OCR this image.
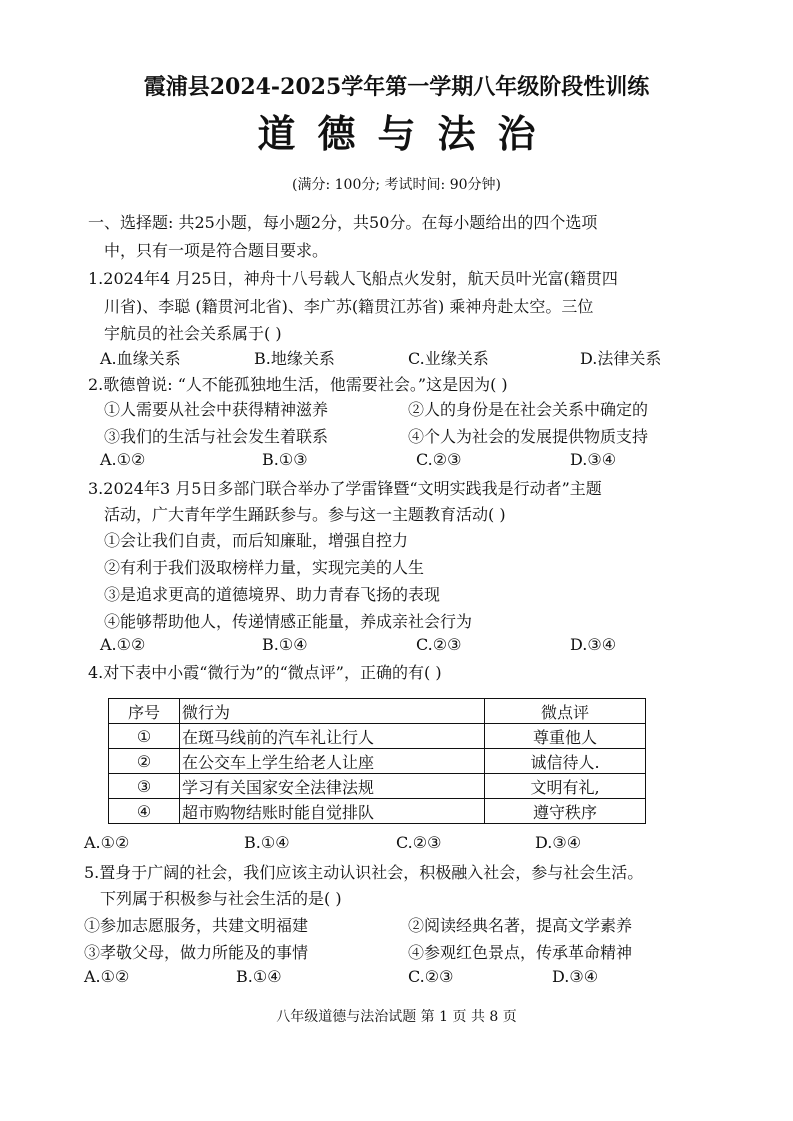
霞浦县2024-2025学年第一学期八年级阶段性训练
道德与法治
(满分: 100分; 考试时间: 90分钟)
一、选择题: 共25小题，每小题2分，共50分。在每小题给出的四个选项
中，只有一项是符合题目要求。
1.2024年4 月25日，神舟十八号载人飞船点火发射，航天员叶光富(籍贯四
川省)、李聪 (籍贯河北省)、李广苏(籍贯江苏省) 乘神舟赴太空。三位
宇航员的社会关系属于( )
A.血缘关系	B.地缘关系	C.业缘关系	D.法律关系
2.歌德曾说: “人不能孤独地生活，他需要社会。”这是因为( )
①人需要从社会中获得精神滋养	②人的身份是在社会关系中确定的
③我们的生活与社会发生着联系	④个人为社会的发展提供物质支持
A.①②	B.①③	C.②③	D.③④
3.2024年3 月5日多部门联合举办了学雷锋暨“文明实践我是行动者”主题
活动，广大青年学生踊跃参与。参与这一主题教育活动( )
①会让我们自责，而后知廉耻，增强自控力
②有利于我们汲取榜样力量，实现完美的人生
③是追求更高的道德境界、助力青春飞扬的表现
④能够帮助他人，传递情感正能量，养成亲社会行为
A.①②	B.①④	C.②③	D.③④
4.对下表中小霞“微行为”的“微点评”，正确的有( )
序号	微行为	微点评
①	在斑马线前的汽车礼让行人	尊重他人
②	在公交车上学生给老人让座	诚信待人.
③	学习有关国家安全法律法规	文明有礼,
④	超市购物结账时能自觉排队	遵守秩序
A.①②	B.①④	C.②③	D.③④
5.置身于广阔的社会，我们应该主动认识社会，积极融入社会，参与社会生活。
下列属于积极参与社会生活的是( )
①参加志愿服务，共建文明福建	②阅读经典名著，提高文学素养
③孝敬父母，做力所能及的事情	④参观红色景点，传承革命精神
A.①②	B.①④	C.②③	D.③④
八年级道德与法治试题 第 1 页 共 8 页
